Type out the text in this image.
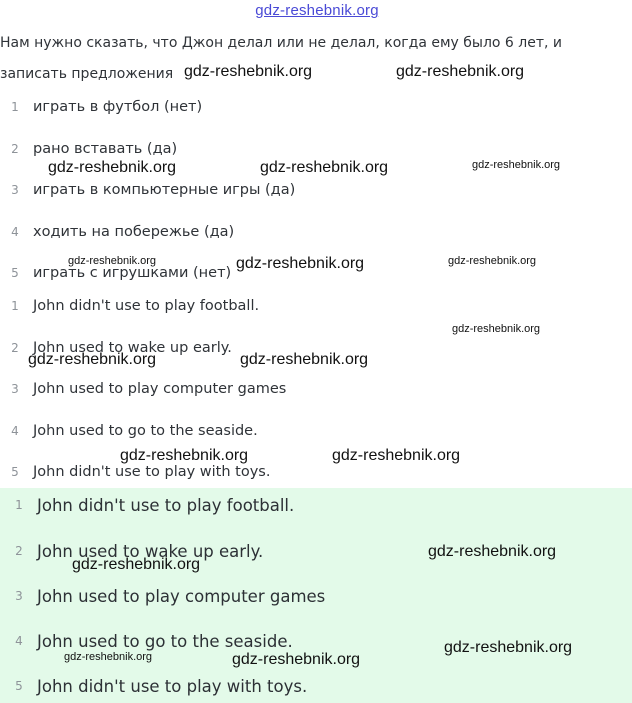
gdz-reshebnik.org
Нам нужно сказать, что Джон делал или не делал, когда ему было 6 лет, и
записать предложения
1 играть в футбол (нет)
2 рано вставать (да)
3 играть в компьютерные игры (да)
4 ходить на побережье (да)
5 играть с игрушками (нет)
1 John didn't use to play football.
2 John used to wake up early.
3 John used to play computer games
4 John used to go to the seaside.
5 John didn't use to play with toys.
1 John didn't use to play football.
2 John used to wake up early.
3 John used to play computer games
4 John used to go to the seaside.
5 John didn't use to play with toys.
gdz-reshebnik.org	gdz-reshebnik.org
gdz-reshebnik.org	gdz-reshebnik.org	gdz-reshebnik.org
gdz-reshebnik.org	gdz-reshebnik.org	gdz-reshebnik.org
gdz-reshebnik.org
gdz-reshebnik.org	gdz-reshebnik.org
gdz-reshebnik.org	gdz-reshebnik.org
gdz-reshebnik.org
gdz-reshebnik.org
gdz-reshebnik.org
gdz-reshebnik.org	gdz-reshebnik.org
